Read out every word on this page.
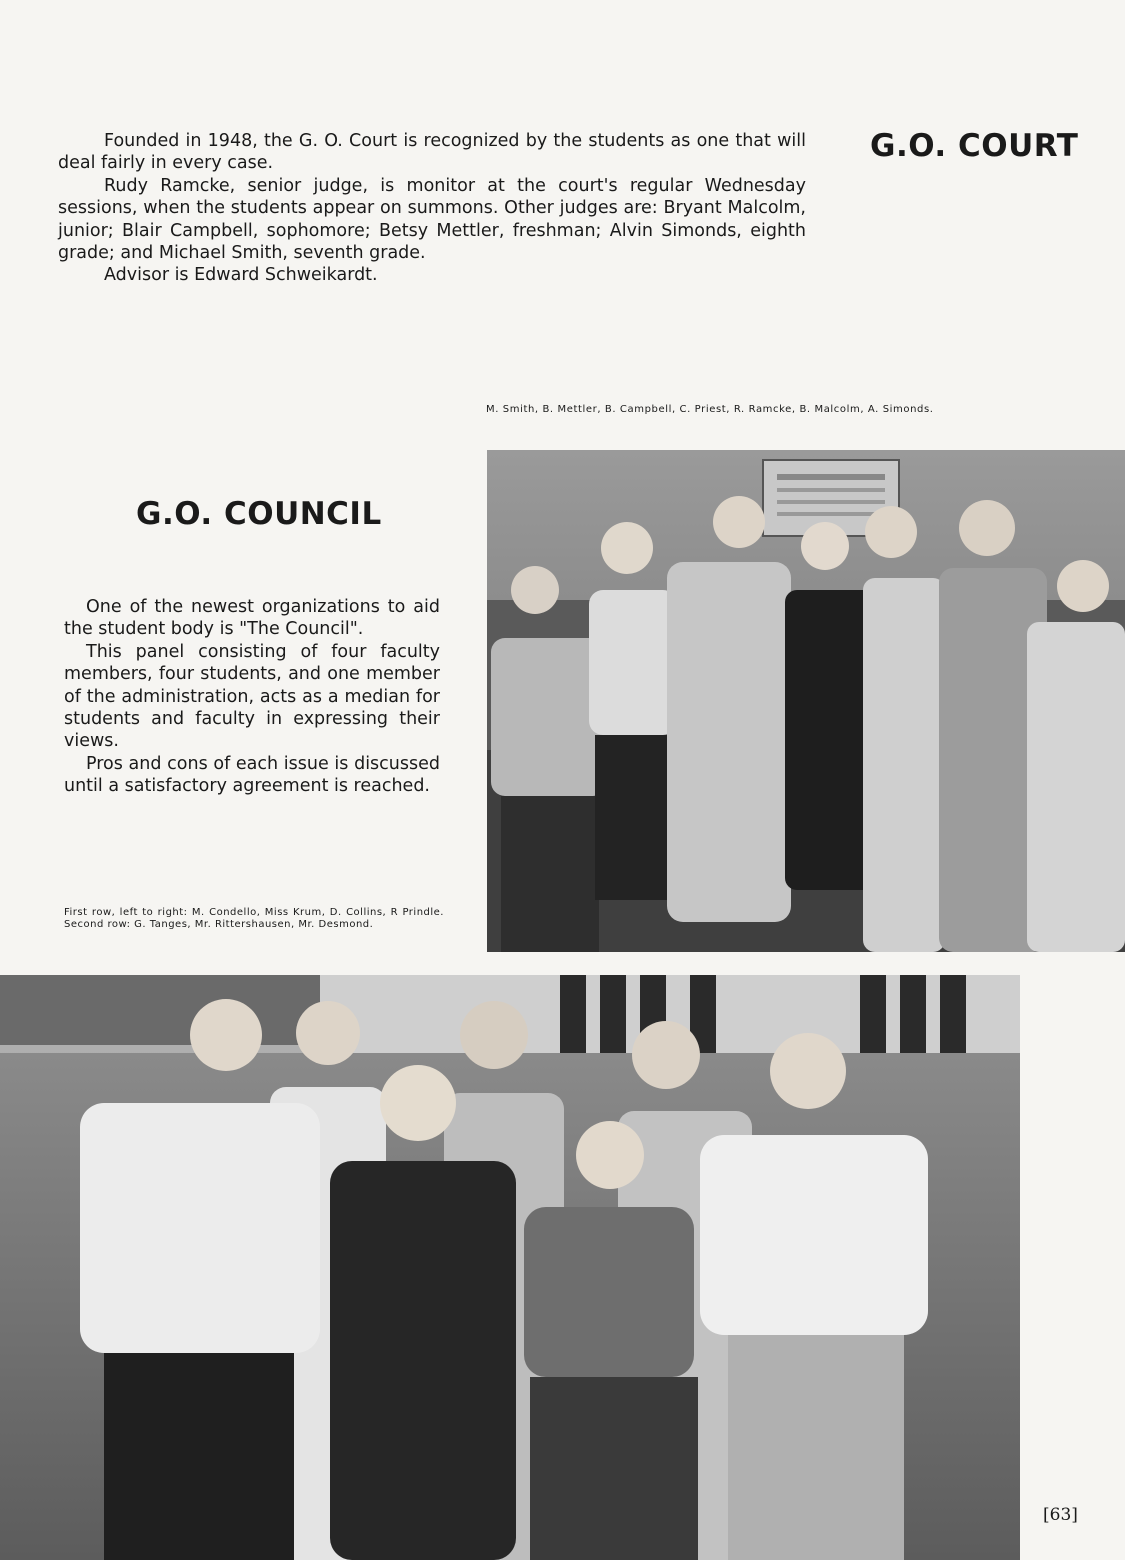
Founded in 1948, the G. O. Court is recognized by the students as one that will deal fairly in every case.

Rudy Ramcke, senior judge, is monitor at the court's regular Wednesday sessions, when the students appear on summons. Other judges are: Bryant Malcolm, junior; Blair Campbell, sophomore; Betsy Mettler, freshman; Alvin Simonds, eighth grade; and Michael Smith, seventh grade.

Advisor is Edward Schweikardt.

G.O. COURT
M. Smith, B. Mettler, B. Campbell, C. Priest, R. Ramcke, B. Malcolm, A. Simonds.
G.O. COUNCIL

One of the newest organizations to aid the student body is "The Council".

This panel consisting of four faculty members, four students, and one member of the administration, acts as a median for students and faculty in expressing their views.

Pros and cons of each issue is discussed until a satisfactory agreement is reached.

First row, left to right: M. Condello, Miss Krum, D. Collins, R Prindle. Second row: G. Tanges, Mr. Rittershausen, Mr. Desmond.
[63]
